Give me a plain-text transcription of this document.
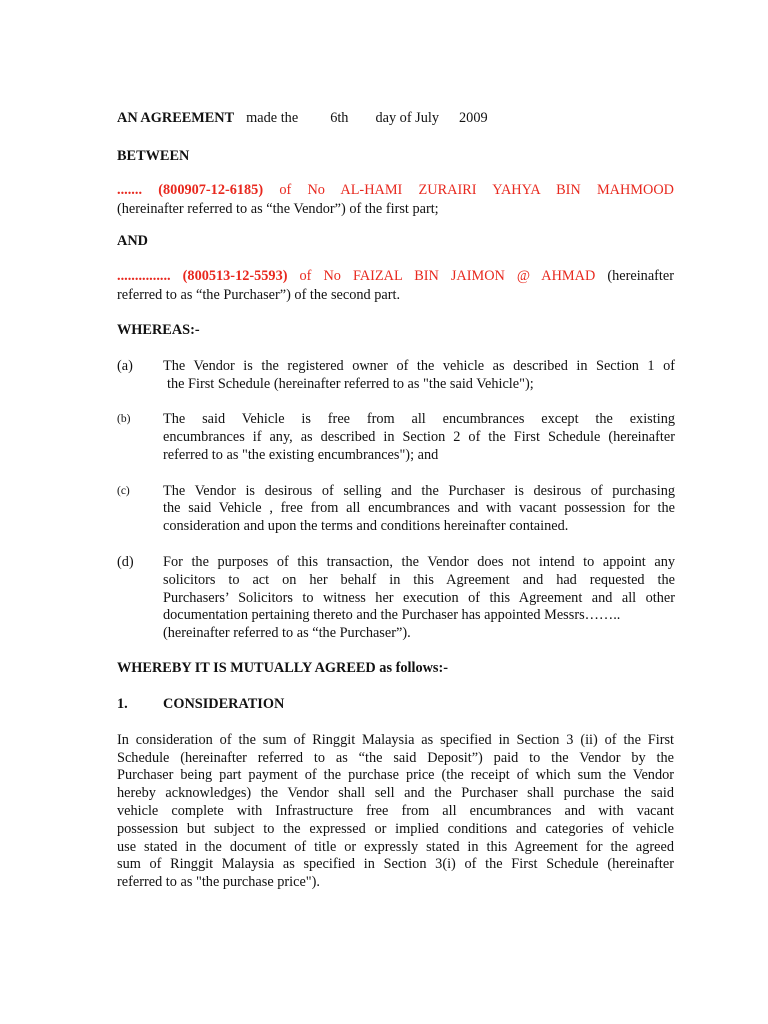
AN AGREEMENT made the 6th day of July 2009
BETWEEN
....... (800907-12-6185) of No AL-HAMI ZURAIRI YAHYA BIN MAHMOOD
(hereinafter referred to as “the Vendor”) of the first part;
AND
............... (800513-12-5593) of No FAIZAL BIN JAIMON @ AHMAD (hereinafter
referred to as “the Purchaser”) of the second part.
WHEREAS:-
(a) The Vendor is the registered owner of the vehicle as described in Section 1 of
the First Schedule (hereinafter referred to as "the said Vehicle");
(b) The said Vehicle is free from all encumbrances except the existing
encumbrances if any, as described in Section 2 of the First Schedule (hereinafter
referred to as "the existing encumbrances"); and
(c) The Vendor is desirous of selling and the Purchaser is desirous of purchasing
the said Vehicle , free from all encumbrances and with vacant possession for the
consideration and upon the terms and conditions hereinafter contained.
(d) For the purposes of this transaction, the Vendor does not intend to appoint any
solicitors to act on her behalf in this Agreement and had requested the
Purchasers’ Solicitors to witness her execution of this Agreement and all other
documentation pertaining thereto and the Purchaser has appointed Messrs……..
(hereinafter referred to as “the Purchaser”).
WHEREBY IT IS MUTUALLY AGREED as follows:-
1. CONSIDERATION
In consideration of the sum of Ringgit Malaysia as specified in Section 3 (ii) of the First
Schedule (hereinafter referred to as “the said Deposit”) paid to the Vendor by the
Purchaser being part payment of the purchase price (the receipt of which sum the Vendor
hereby acknowledges) the Vendor shall sell and the Purchaser shall purchase the said
vehicle complete with Infrastructure free from all encumbrances and with vacant
possession but subject to the expressed or implied conditions and categories of vehicle
use stated in the document of title or expressly stated in this Agreement for the agreed
sum of Ringgit Malaysia as specified in Section 3(i) of the First Schedule (hereinafter
referred to as "the purchase price").
